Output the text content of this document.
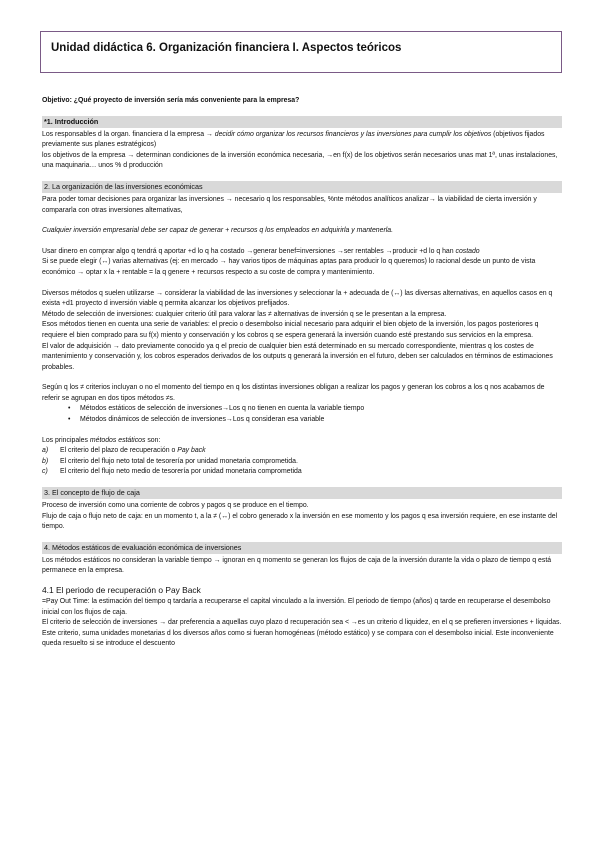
Unidad didáctica 6. Organización financiera I. Aspectos teóricos

Objetivo: ¿Qué proyecto de inversión sería más conveniente para la empresa?

*1. Introducción

Los responsables d la organ. financiera d la empresa → decidir cómo organizar los recursos financieros y las inversiones para cumplir los objetivos (objetivos fijados previamente sus planes estratégicos)

los objetivos de la empresa → determinan condiciones de la inversión económica necesaria, →en f(x) de los objetivos serán necesarios unas mat 1ª, unas instalaciones, una maquinaria… unos % d producción

2. La organización de las inversiones económicas

Para poder tomar decisiones para organizar las inversiones → necesario q los responsables, %nte métodos analíticos analizar→ la viabilidad de cierta inversión y compararla con otras inversiones alternativas,

Cualquier inversión empresarial debe ser capaz de generar + recursos q los empleados en adquirirla y mantenerla.

Usar dinero en comprar algo q tendrá q aportar +d lo q ha costado →generar benef=inversiones →ser rentables →producir +d lo q han costado

Si se puede elegir (↔) varias alternativas (ej: en mercado → hay varios tipos de máquinas aptas para producir lo q queremos) lo racional desde un punto de vista económico → optar x la + rentable = la q genere + recursos respecto a su coste de compra y mantenimiento.

Diversos métodos q suelen utilizarse → considerar la viabilidad de las inversiones y seleccionar la + adecuada de (↔) las diversas alternativas, en aquellos casos en q exista +d1 proyecto d inversión viable q permita alcanzar los objetivos prefijados.

Método de selección de inversiones: cualquier criterio útil para valorar las ≠ alternativas de inversión q se le presentan a la empresa.

Esos métodos tienen en cuenta una serie de variables: el precio o desembolso inicial necesario para adquirir el bien objeto de la inversión, los pagos posteriores q requiere el bien comprado para su f(x) miento y conservación y los cobros q se espera generará la inversión cuando esté prestando sus servicios en la empresa.

El valor de adquisición → dato previamente conocido ya q el precio de cualquier bien está determinado en su mercado correspondiente, mientras q los costes de mantenimiento y conservación y, los cobros esperados derivados de los outputs q generará la inversión en el futuro, deben ser calculados en términos de estimaciones probables.

Según q los ≠ criterios incluyan o no el momento del tiempo en q los distintas inversiones obligan a realizar los pagos y generan los cobros a los q nos acabamos de referir se agrupan en dos tipos métodos ≠s.

• Métodos estáticos de selección de inversiones→Los q no tienen en cuenta la variable tiempo
• Métodos dinámicos de selección de inversiones→Los q consideran esa variable

Los principales métodos estáticos son:

a) El criterio del plazo de recuperación o Pay back
b) El criterio del flujo neto total de tesorería por unidad monetaria comprometida.
c) El criterio del flujo neto medio de tesorería por unidad monetaria comprometida
3. El concepto de flujo de caja

Proceso de inversión como una corriente de cobros y pagos q se produce en el tiempo.

Flujo de caja o flujo neto de caja: en un momento t, a la ≠ (↔) el cobro generado x la inversión en ese momento y los pagos q esa inversión requiere, en ese instante del tiempo.

4. Métodos estáticos de evaluación económica de inversiones

Los métodos estáticos no consideran la variable tiempo → ignoran en q momento se generan los flujos de caja de la inversión durante la vida o plazo de tiempo q está permanece en la empresa.

4.1 El periodo de recuperación o Pay Back

=Pay Out Time: la estimación del tiempo q tardaría a recuperarse el capital vinculado a la inversión. El periodo de tiempo (años) q tarde en recuperarse el desembolso inicial con los flujos de caja.

El criterio de selección de inversiones → dar preferencia a aquellas cuyo plazo d recuperación sea < →es un criterio d liquidez, en el q se prefieren inversiones + líquidas.

Este criterio, suma unidades monetarias d los diversos años como si fueran homogéneas (método estático) y se compara con el desembolso inicial. Este inconveniente queda resuelto si se introduce el descuento
